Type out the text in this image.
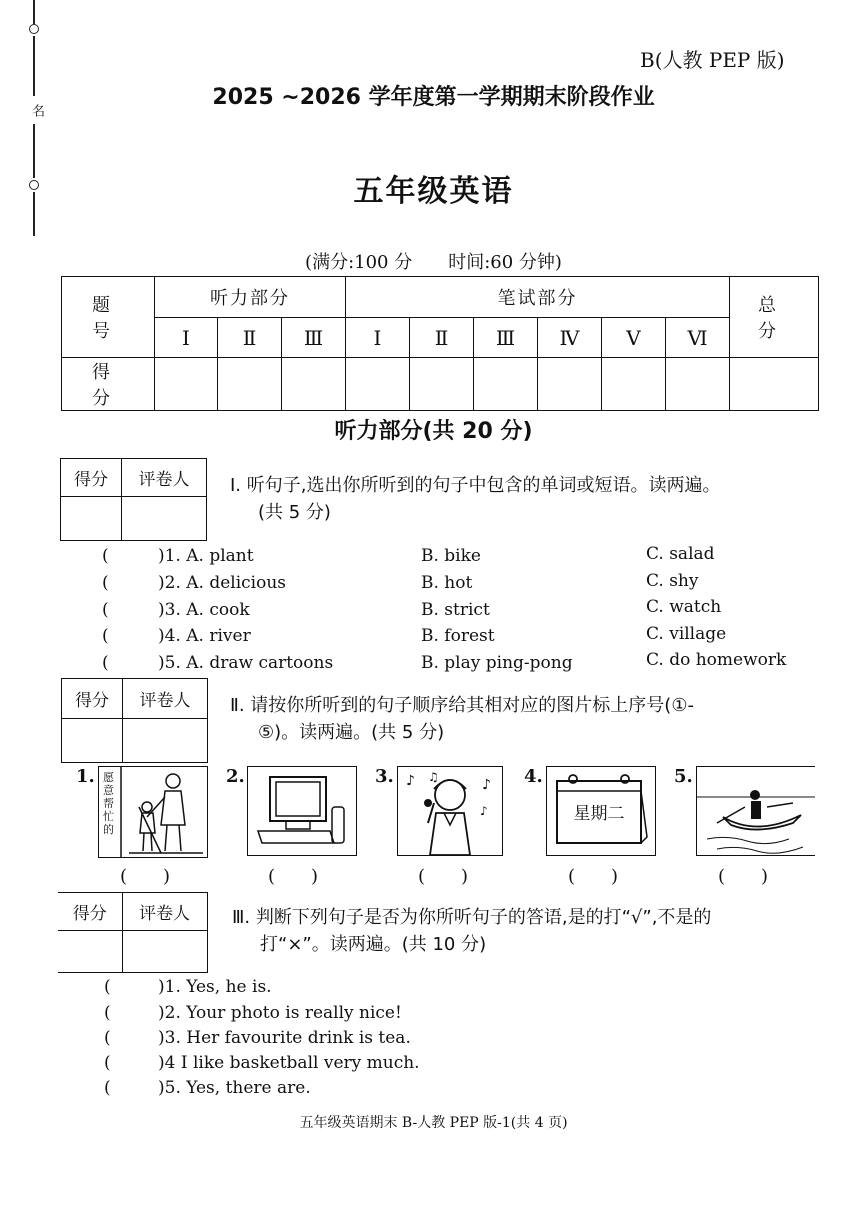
名
B(人教 PEP 版)
2025 ~2026 学年度第一学期期末阶段作业
五年级英语
(满分:100 分　　时间:60 分钟)
题　号	听力部分			笔试部分						总　分
	Ⅰ	Ⅱ	Ⅲ	Ⅰ	Ⅱ	Ⅲ	Ⅳ	Ⅴ	Ⅵ	
得　分										
听力部分(共 20 分)
得分	评卷人
	Ⅰ. 听句子,选出你所听到的句子中包含的单词或短语。读两遍。
(共 5 分)
(	)1. A. plant	B. bike	C. salad
(	)2. A. delicious	B. hot	C. shy
(	)3. A. cook	B. strict	C. watch
(	)4. A. river	B. forest	C. village
(	)5. A. draw cartoons	B. play ping-pong	C. do homework
得分	评卷人
	Ⅱ. 请按你所听到的句子顺序给其相对应的图片标上序号(①-
⑤)。读两遍。(共 5 分)
1. 愿意帮忙的
(　　)
2.
(　　)
3. ♪ ♫	♪
♪
(　　)
4.
星期二
(　　)
5.
(　　)
得分	评卷人
	Ⅲ. 判断下列句子是否为你所听句子的答语,是的打“√”,不是的
打“×”。读两遍。(共 10 分)
(	)1. Yes, he is.
(	)2. Your photo is really nice!
(	)3. Her favourite drink is tea.
(	)4 I like basketball very much.
(	)5. Yes, there are.
五年级英语期末 B-人教 PEP 版-1(共 4 页)
